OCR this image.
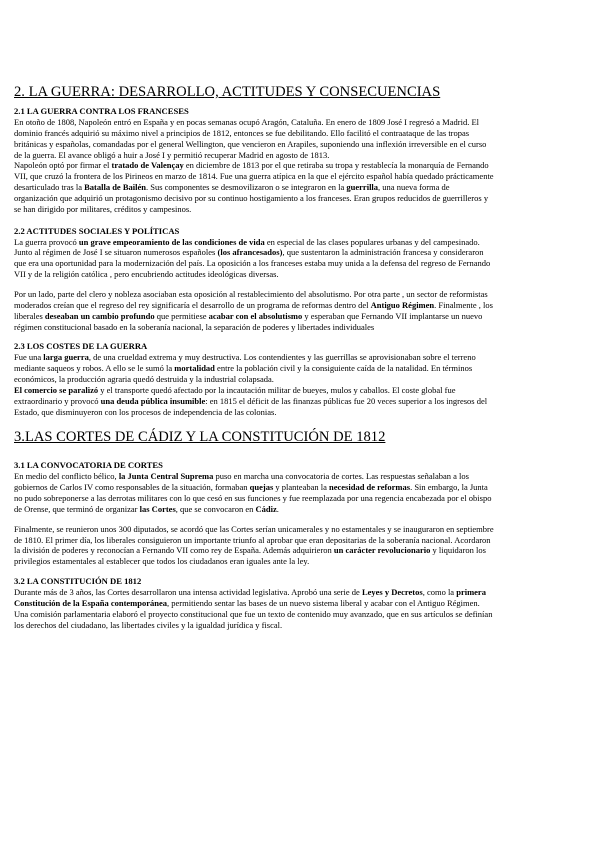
2. LA GUERRA: DESARROLLO, ACTITUDES Y CONSECUENCIAS
2.1 LA GUERRA CONTRA LOS FRANCESES
En otoño de 1808, Napoleón entró en España y en pocas semanas ocupó Aragón, Cataluña. En enero de 1809 José I regresó a Madrid. El
dominio francés adquirió su máximo nivel a principios de 1812, entonces se fue debilitando. Ello facilitó el contraataque de las tropas
británicas y españolas, comandadas por el general Wellington, que vencieron en Arapiles, suponiendo una inflexión irreversible en el curso
de la guerra. El avance obligó a huir a José I y permitió recuperar Madrid en agosto de 1813.
Napoleón optó por firmar el tratado de Valençay en diciembre de 1813 por el que retiraba su tropa y restablecía la monarquía de Fernando
VII, que cruzó la frontera de los Pirineos en marzo de 1814. Fue una guerra atípica en la que el ejército español había quedado prácticamente
desarticulado tras la Batalla de Bailén. Sus componentes se desmovilizaron o se integraron en la guerrilla, una nueva forma de
organización que adquirió un protagonismo decisivo por su continuo hostigamiento a los franceses. Eran grupos reducidos de guerrilleros y
se han dirigido por militares, créditos y campesinos.
2.2 ACTITUDES SOCIALES Y POLÍTICAS
La guerra provocó un grave empeoramiento de las condiciones de vida en especial de las clases populares urbanas y del campesinado.
Junto al régimen de José I se situaron numerosos españoles (los afrancesados), que sustentaron la administración francesa y consideraron
que era una oportunidad para la modernización del país. La oposición a los franceses estaba muy unida a la defensa del regreso de Fernando
VII y de la religión católica , pero encubriendo actitudes ideológicas diversas.
Por un lado, parte del clero y nobleza asociaban esta oposición al restablecimiento del absolutismo. Por otra parte , un sector de reformistas
moderados creían que el regreso del rey significaría el desarrollo de un programa de reformas dentro del Antiguo Régimen. Finalmente , los
liberales deseaban un cambio profundo que permitiese acabar con el absolutismo y esperaban que Fernando VII implantarse un nuevo
régimen constitucional basado en la soberanía nacional, la separación de poderes y libertades individuales
2.3 LOS COSTES DE LA GUERRA
Fue una larga guerra, de una crueldad extrema y muy destructiva. Los contendientes y las guerrillas se aprovisionaban sobre el terreno
mediante saqueos y robos. A ello se le sumó la mortalidad entre la población civil y la consiguiente caída de la natalidad. En términos
económicos, la producción agraria quedó destruida y la industrial colapsada.
El comercio se paralizó y el transporte quedó afectado por la incautación militar de bueyes, mulos y caballos. El coste global fue
extraordinario y provocó una deuda pública insumible: en 1815 el déficit de las finanzas públicas fue 20 veces superior a los ingresos del
Estado, que disminuyeron con los procesos de independencia de las colonias.
3.LAS CORTES DE CÁDIZ Y LA CONSTITUCIÓN DE 1812
3.1 LA CONVOCATORIA DE CORTES
En medio del conflicto bélico, la Junta Central Suprema puso en marcha una convocatoria de cortes. Las respuestas señalaban a los
gobiernos de Carlos IV como responsables de la situación, formaban quejas y planteaban la necesidad de reformas. Sin embargo, la Junta
no pudo sobreponerse a las derrotas militares con lo que cesó en sus funciones y fue reemplazada por una regencia encabezada por el obispo
de Orense, que terminó de organizar las Cortes, que se convocaron en Cádiz.
Finalmente, se reunieron unos 300 diputados, se acordó que las Cortes serían unicamerales y no estamentales y se inauguraron en septiembre
de 1810. El primer día, los liberales consiguieron un importante triunfo al aprobar que eran depositarias de la soberanía nacional. Acordaron
la división de poderes y reconocían a Fernando VII como rey de España. Además adquirieron un carácter revolucionario y liquidaron los
privilegios estamentales al establecer que todos los ciudadanos eran iguales ante la ley.
3.2 LA CONSTITUCIÓN DE 1812
Durante más de 3 años, las Cortes desarrollaron una intensa actividad legislativa. Aprobó una serie de Leyes y Decretos, como la primera
Constitución de la España contemporánea, permitiendo sentar las bases de un nuevo sistema liberal y acabar con el Antiguo Régimen.
Una comisión parlamentaria elaboró el proyecto constitucional que fue un texto de contenido muy avanzado, que en sus artículos se definían
los derechos del ciudadano, las libertades civiles y la igualdad jurídica y fiscal.
